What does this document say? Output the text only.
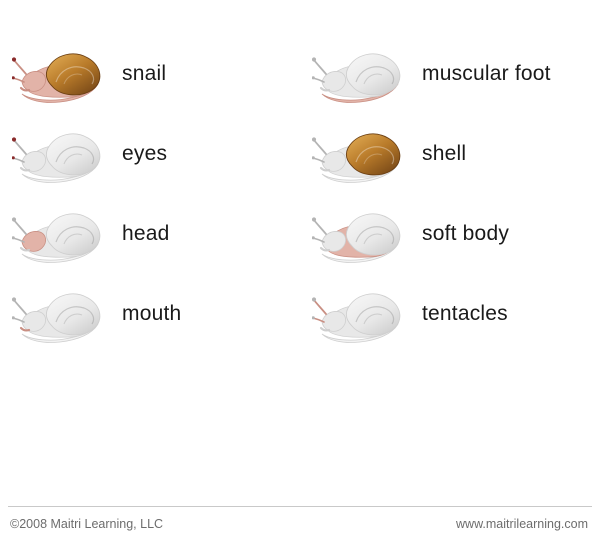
snail	muscular foot
eyes	shell
head	soft body
mouth	tentacles
©2008 Maitri Learning, LLC	www.maitrilearning.com
